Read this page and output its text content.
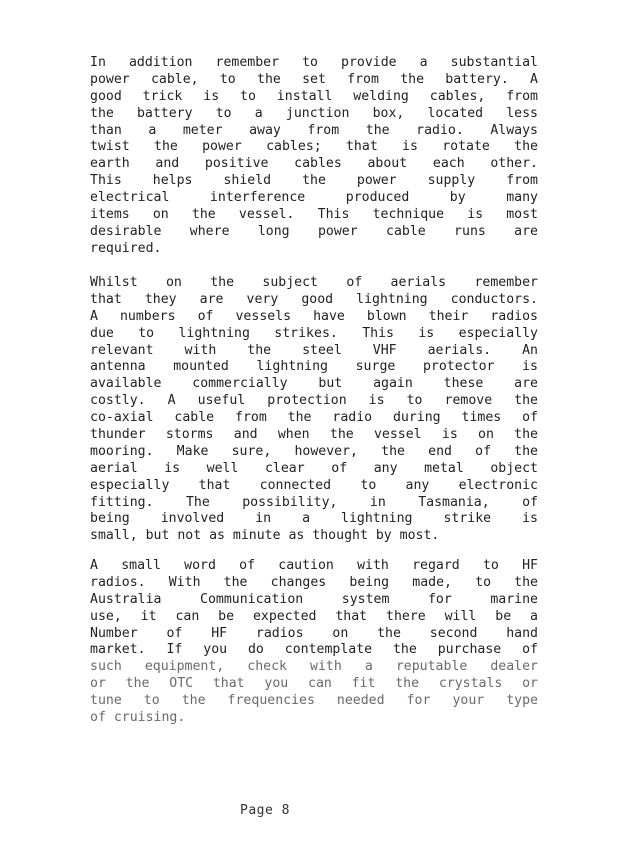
In addition remember to provide a substantial
power cable, to the set from the battery. A
good trick is to install welding cables, from
the battery to a junction box, located less
than a meter away from the radio. Always
twist the power cables; that is rotate the
earth and positive cables about each other.
This helps shield the power supply from
electrical interference produced by many
items on the vessel. This technique is most
desirable where long power cable runs are
required.
Whilst on the subject of aerials remember
that they are very good lightning conductors.
A numbers of vessels have blown their radios
due to lightning strikes. This is especially
relevant with the steel VHF aerials. An
antenna mounted lightning surge protector is
available commercially but again these are
costly. A useful protection is to remove the
co-axial cable from the radio during times of
thunder storms and when the vessel is on the
mooring. Make sure, however, the end of the
aerial is well clear of any metal object
especially that connected to any electronic
fitting. The possibility, in Tasmania, of
being involved in a lightning strike is
small, but not as minute as thought by most.
A small word of caution with regard to HF
radios. With the changes being made, to the
Australia Communication system for marine
use, it can be expected that there will be a
Number of HF radios on the second hand
market. If you do contemplate the purchase of
such equipment, check with a reputable dealer
or the OTC that you can fit the crystals or
tune to the frequencies needed for your type
of cruising.
Page 8
